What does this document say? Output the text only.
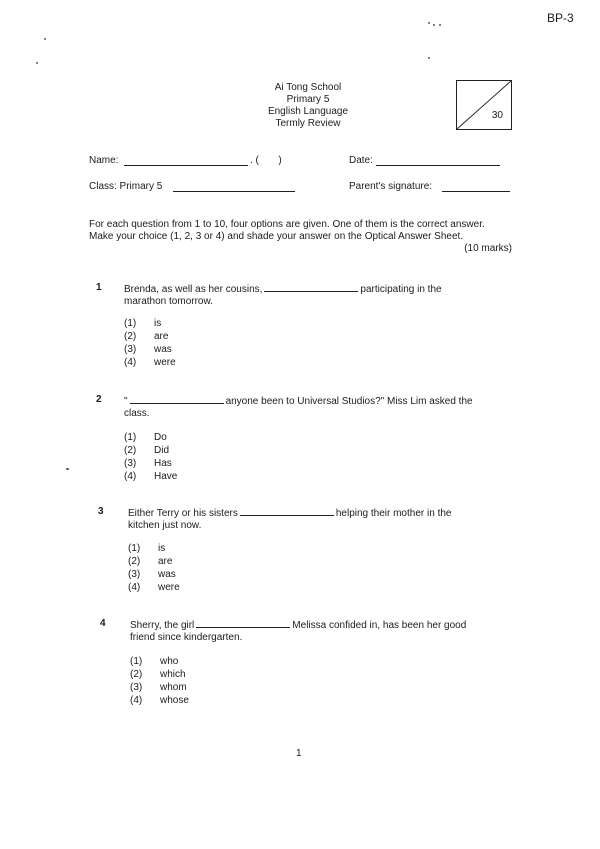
BP-3
Ai Tong School
Primary 5
English Language
Termly Review
30
Name:	. (       )	Date:
Class: Primary 5	Parent's signature:
For each question from 1 to 10, four options are given. One of them is the correct answer.
Make your choice (1, 2, 3 or 4) and shade your answer on the Optical Answer Sheet.
(10 marks)
1 Brenda, as well as her cousins,	participating in the
marathon tomorrow.
(1) is
(2) are
(3) was
(4) were
2 "	anyone been to Universal Studios?" Miss Lim asked the
class.
(1) Do
(2) Did
(3) Has
(4) Have
3 Either Terry or his sisters	helping their mother in the
kitchen just now.
(1) is
(2) are
(3) was
(4) were
4 Sherry, the girl	Melissa confided in, has been her good
friend since kindergarten.
(1) who
(2) which
(3) whom
(4) whose
1
